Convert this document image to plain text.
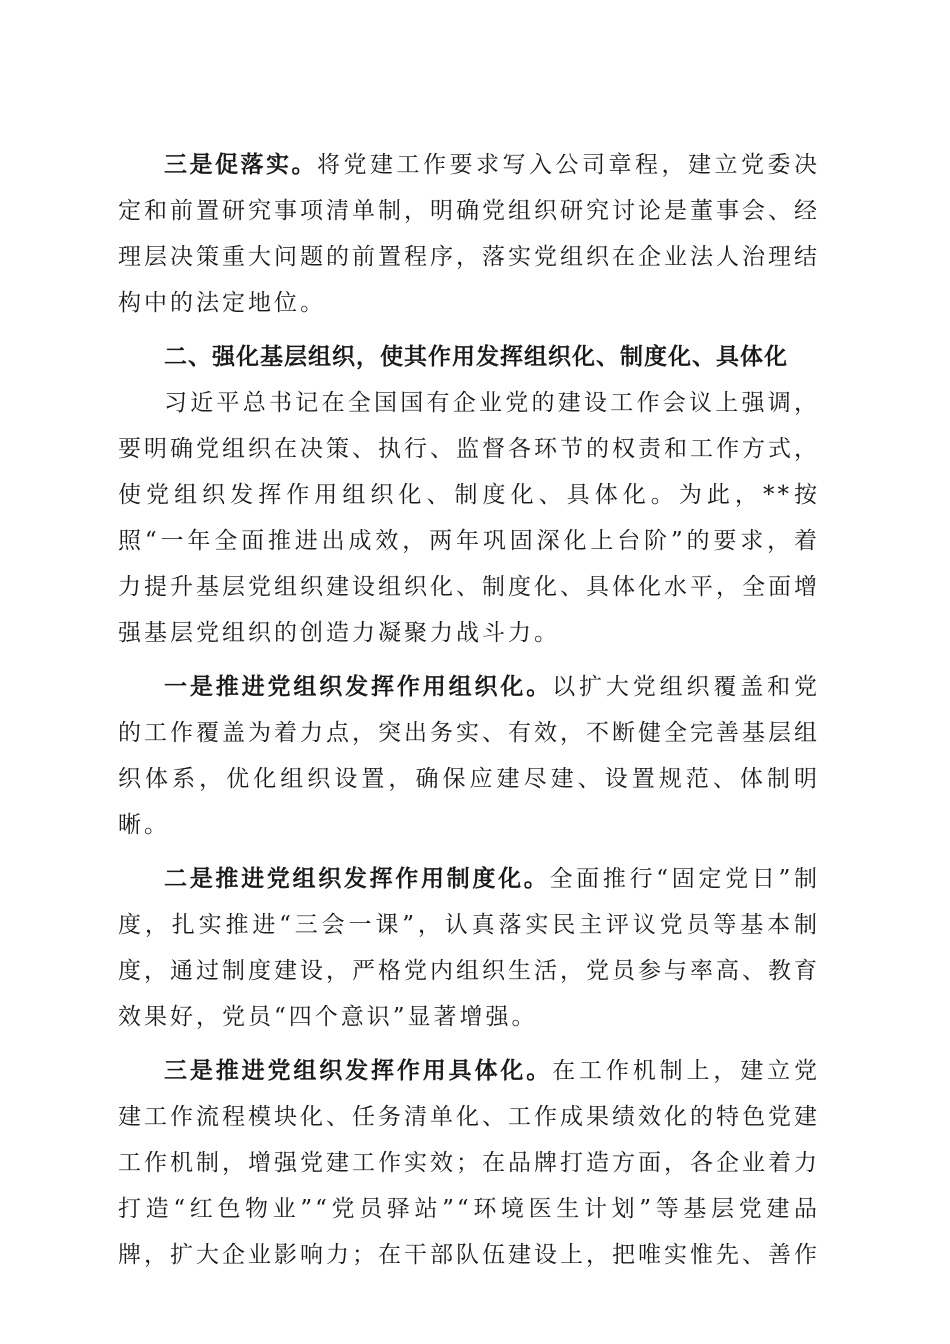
三是促落实。将党建工作要求写入公司章程，建立党委决定和前置研究事项清单制，明确党组织研究讨论是董事会、经理层决策重大问题的前置程序，落实党组织在企业法人治理结构中的法定地位。

二、强化基层组织，使其作用发挥组织化、制度化、具体化

习近平总书记在全国国有企业党的建设工作会议上强调，要明确党组织在决策、执行、监督各环节的权责和工作方式，使党组织发挥作用组织化、制度化、具体化。为此，**按照“一年全面推进出成效，两年巩固深化上台阶”的要求，着力提升基层党组织建设组织化、制度化、具体化水平，全面增强基层党组织的创造力凝聚力战斗力。

一是推进党组织发挥作用组织化。以扩大党组织覆盖和党的工作覆盖为着力点，突出务实、有效，不断健全完善基层组织体系，优化组织设置，确保应建尽建、设置规范、体制明晰。

二是推进党组织发挥作用制度化。全面推行“固定党日”制度，扎实推进“三会一课”，认真落实民主评议党员等基本制度，通过制度建设，严格党内组织生活，党员参与率高、教育效果好，党员“四个意识”显著增强。

三是推进党组织发挥作用具体化。在工作机制上，建立党建工作流程模块化、任务清单化、工作成果绩效化的特色党建工作机制，增强党建工作实效；在品牌打造方面，各企业着力打造“红色物业”“党员驿站”“环境医生计划”等基层党建品牌，扩大企业影响力；在干部队伍建设上，把唯实惟先、善作
